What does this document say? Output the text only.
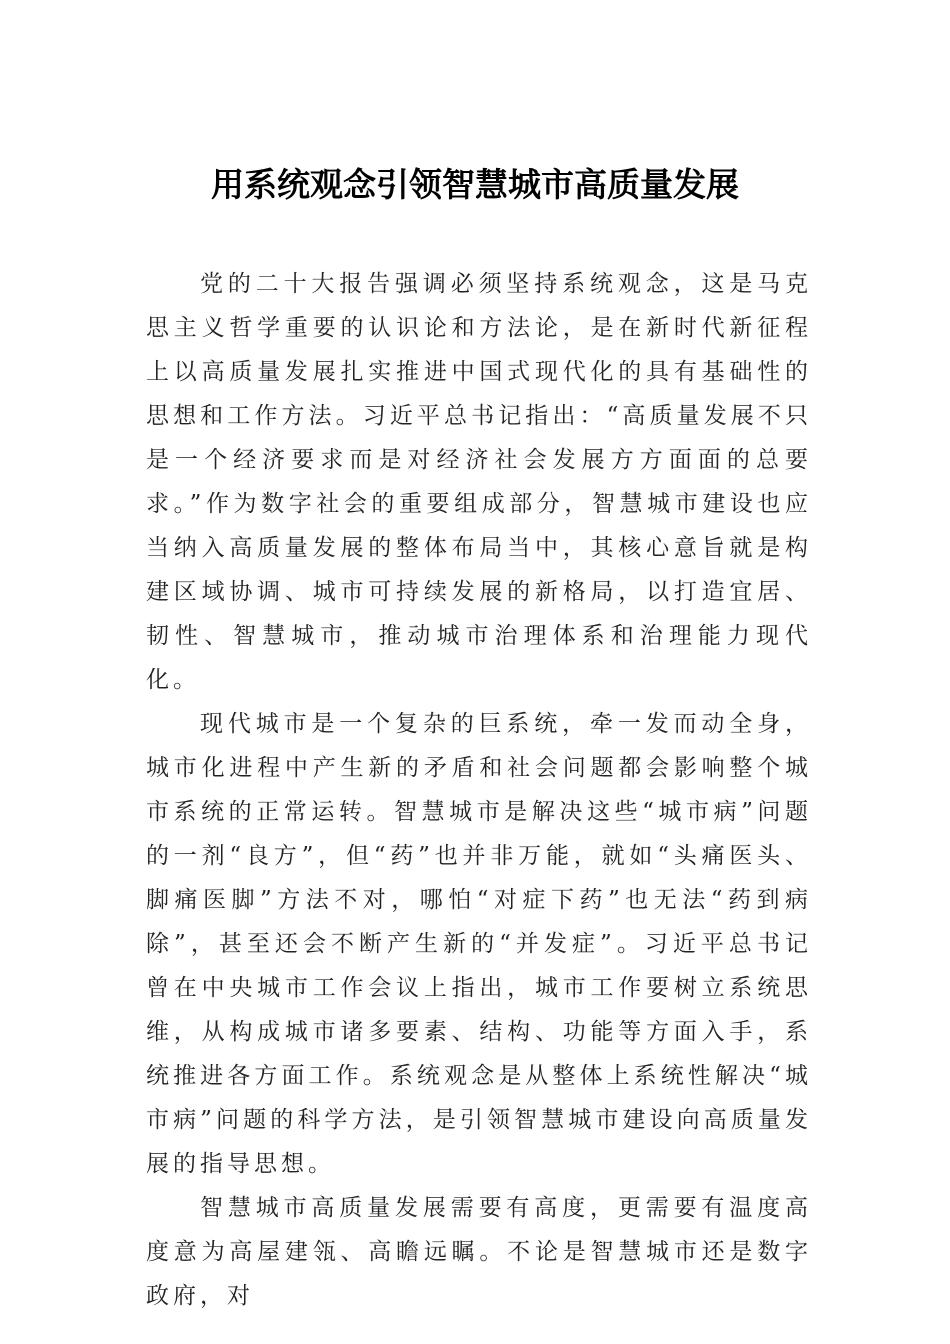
用系统观念引领智慧城市高质量发展

党的二十大报告强调必须坚持系统观念，这是马克思主义哲学重要的认识论和方法论，是在新时代新征程上以高质量发展扎实推进中国式现代化的具有基础性的思想和工作方法。习近平总书记指出：“高质量发展不只是一个经济要求而是对经济社会发展方方面面的总要求。”作为数字社会的重要组成部分，智慧城市建设也应当纳入高质量发展的整体布局当中，其核心意旨就是构建区域协调、城市可持续发展的新格局，以打造宜居、韧性、智慧城市，推动城市治理体系和治理能力现代化。

现代城市是一个复杂的巨系统，牵一发而动全身，城市化进程中产生新的矛盾和社会问题都会影响整个城市系统的正常运转。智慧城市是解决这些“城市病”问题的一剂“良方”，但“药”也并非万能，就如“头痛医头、脚痛医脚”方法不对，哪怕“对症下药”也无法“药到病除”，甚至还会不断产生新的“并发症”。习近平总书记曾在中央城市工作会议上指出，城市工作要树立系统思维，从构成城市诸多要素、结构、功能等方面入手，系统推进各方面工作。系统观念是从整体上系统性解决“城市病”问题的科学方法，是引领智慧城市建设向高质量发展的指导思想。

智慧城市高质量发展需要有高度，更需要有温度高度意为高屋建瓴、高瞻远瞩。不论是智慧城市还是数字政府，对
